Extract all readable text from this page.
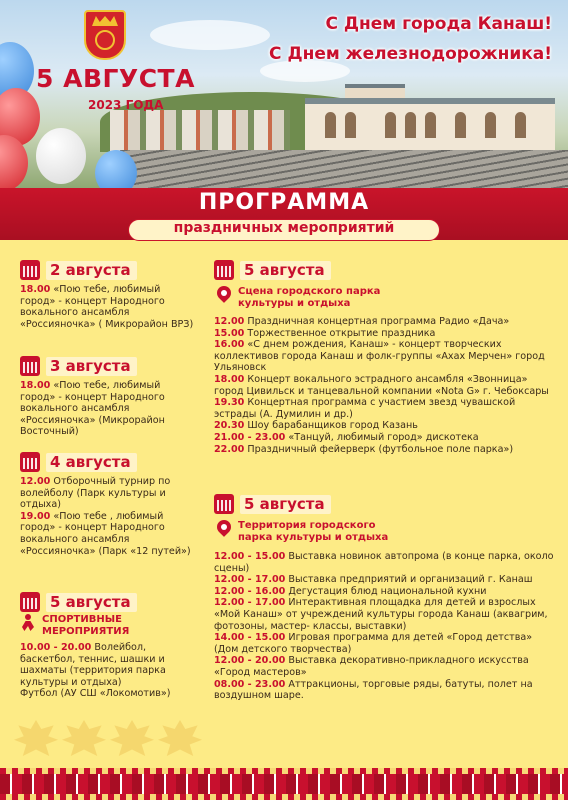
5 АВГУСТА
2023 ГОДА
С Днем города Канаш!
С Днем железнодорожника!
ПРОГРАММА
праздничных мероприятий
2 августа

18.00 «Пою тебе, любимый город» - концерт Народного вокального ансамбля «Россияночка» ( Микрорайон ВРЗ)

3 августа

18.00 «Пою тебе, любимый город» - концерт Народного вокального ансамбля «Россияночка» (Микрорайон Восточный)

4 августа

12.00 Отборочный турнир по волейболу (Парк культуры и отдыха)

19.00 «Пою тебе , любимый город» - концерт Народного вокального ансамбля «Россияночка» (Парк «12 путей»)

5 августа
СПОРТИВНЫЕ МЕРОПРИЯТИЯ

10.00 - 20.00 Волейбол, баскетбол, теннис, шашки и шахматы (территория парка культуры и отдыха)

Футбол (АУ СШ «Локомотив»)

5 августа
Сцена городского парка культуры и отдыха

12.00 Праздничная концертная программа Радио «Дача»

15.00 Торжественное открытие праздника

16.00 «С днем рождения, Канаш» - концерт творческих коллективов города Канаш и фолк-группы «Ахах Мерчен» город Ульяновск

18.00 Концерт вокального эстрадного ансамбля «Звонница» город Цивильск и танцевальной компании «Nota G» г. Чебоксары

19.30 Концертная программа с участием звезд чувашской эстрады (А. Думилин и др.)

20.30 Шоу барабанщиков город Казань

21.00 - 23.00 «Танцуй, любимый город» дискотека

22.00 Праздничный фейерверк (футбольное поле парка»)

5 августа
Территория городского парка культуры и отдыха

12.00 - 15.00 Выставка новинок автопрома (в конце парка, около сцены)

12.00 - 17.00 Выставка предприятий и организаций г. Канаш

12.00 - 16.00 Дегустация блюд национальной кухни

12.00 - 17.00 Интерактивная площадка для детей и взрослых «Мой Канаш» от учреждений культуры города Канаш (аквагрим, фотозоны, мастер- классы, выставки)

14.00 - 15.00 Игровая программа для детей «Город детства» (Дом детского творчества)

12.00 - 20.00 Выставка декоративно-прикладного искусства «Город мастеров»

08.00 - 23.00 Аттракционы, торговые ряды, батуты, полет на воздушном шаре.
